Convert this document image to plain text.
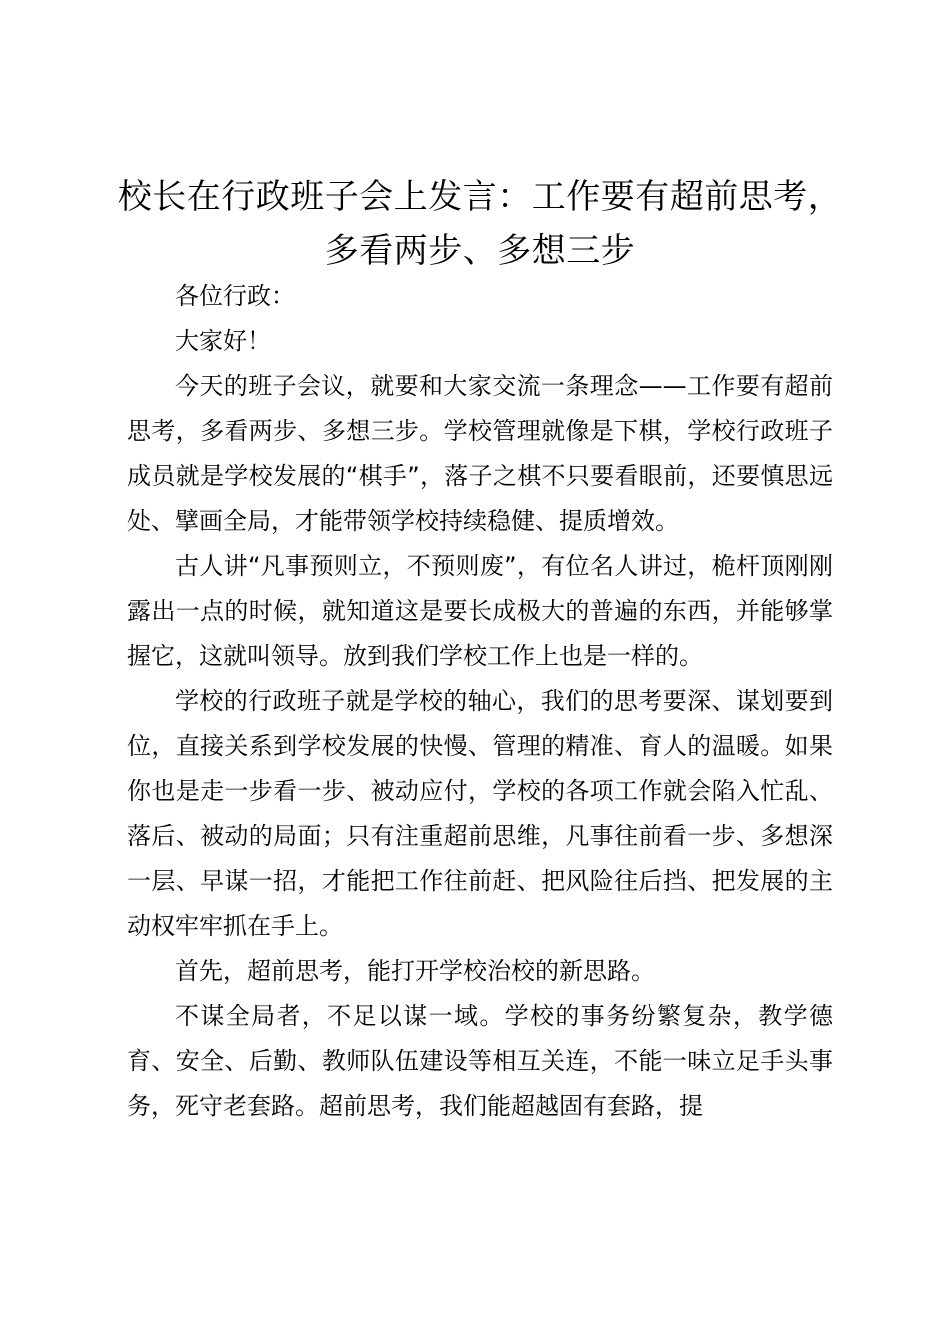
校长在行政班子会上发言：工作要有超前思考，
多看两步、多想三步

各位行政：

大家好！

今天的班子会议，就要和大家交流一条理念——工作要有超前思考，多看两步、多想三步。学校管理就像是下棋，学校行政班子成员就是学校发展的“棋手”，落子之棋不只要看眼前，还要慎思远处、擘画全局，才能带领学校持续稳健、提质增效。

古人讲“凡事预则立，不预则废”，有位名人讲过，桅杆顶刚刚露出一点的时候，就知道这是要长成极大的普遍的东西，并能够掌握它，这就叫领导。放到我们学校工作上也是一样的。

学校的行政班子就是学校的轴心，我们的思考要深、谋划要到位，直接关系到学校发展的快慢、管理的精准、育人的温暖。如果你也是走一步看一步、被动应付，学校的各项工作就会陷入忙乱、落后、被动的局面；只有注重超前思维，凡事往前看一步、多想深一层、早谋一招，才能把工作往前赶、把风险往后挡、把发展的主动权牢牢抓在手上。

首先，超前思考，能打开学校治校的新思路。

不谋全局者，不足以谋一域。学校的事务纷繁复杂，教学德育、安全、后勤、教师队伍建设等相互关连，不能一味立足手头事务，死守老套路。超前思考，我们能超越固有套路，提
